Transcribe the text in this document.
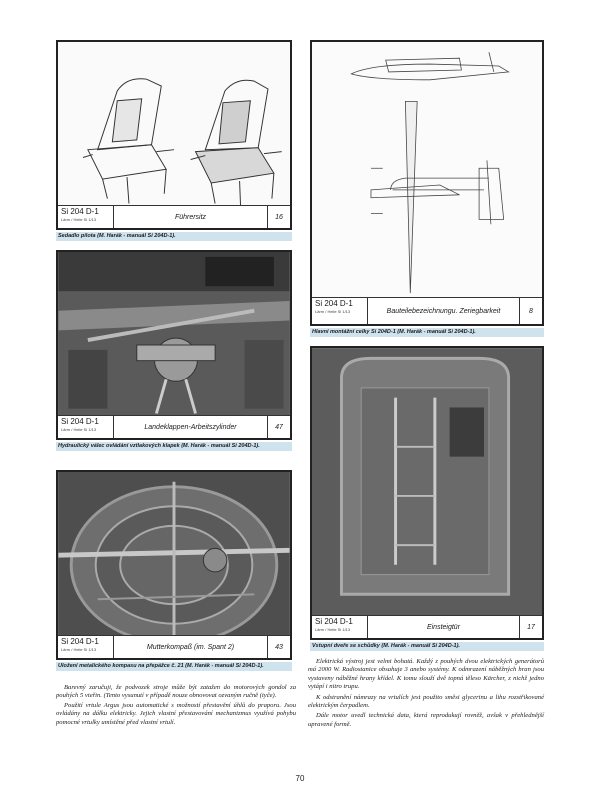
Si 204 D-1
Lärm / Heile Si 1/13	Führersitz	16
Sedadlo pilota (M. Harák - manuál Si 204D-1).
Si 204 D-1
Lärm / Heile Si 1/13	Landeklappen-Arbeitszylinder	47
Hydraulický válec ovládání vztlakových klapek (M. Harák - manuál Si 204D-1).
Si 204 D-1
Lärm / Heile Si 1/13	Mutterkompaß (im. Spant 2)	43
Uložení metalického kompasu na přepážce č. 21 (M. Harák - manuál Si 204D-1).

Barevný zaručuji, že podvozek stroje může být zatažen do motorových gondol za pouhých 5 vteřin. (Tento vysunutí v případě nouze obnovovat ozvaným ručně (tyče).

Použití vrtule Argus jsou automatické s možností přestavění úhlů do praporu. Jsou ovládány na dálku elektricky. Jejich vlastní přestavování mechanizmus využívá pohybu pomocné vrtulky umístěné před vlastní vrtulí.

Si 204 D-1
Lärm / Heile Si 1/13	Bauteilebezeichnung u. Zeriegbarkeit	8
Hlavní montážní celky Si 204D-1 (M. Harák - manuál Si 204D-1).
Si 204 D-1
Lärm / Heile Si 1/13	Einsteigtür	17
Vstupní dveře se schůdky (M. Harák - manuál Si 204D-1).

Elektrická výstroj jest velmi bohatá. Každý z pouhých dvou elektrických generátorů má 2000 W. Radiostanice obsahuje 3 anebo systémy. K odmrazení náběžných hran jsou vystaveny náběžné hrany křídel. K tomu slouží dvě topná těleso Kärcher, z nichž jedno vytápí i nitro trupu.

K odstranění námrazy na vrtulích jest použito směsi glycerinu a lihu rozstřikované elektrickým čerpadlem.

Dále motor uvedl technická data, která reprodukují rovněž, avšak v přehlednější upravené formě.

70
